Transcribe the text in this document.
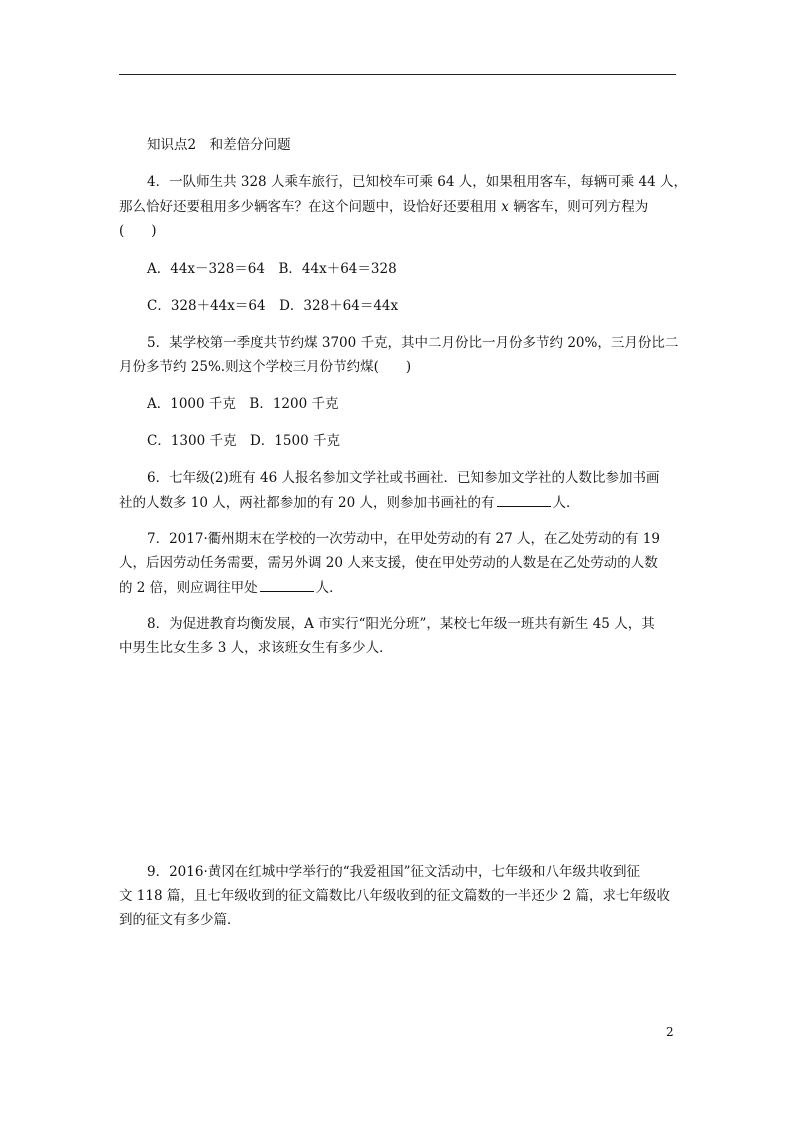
知识点2　和差倍分问题
4．一队师生共 328 人乘车旅行，已知校车可乘 64 人，如果租用客车，每辆可乘 44 人，
那么恰好还要租用多少辆客车？在这个问题中，设恰好还要租用 x 辆客车，则可列方程为
(　　)
A．44x－328＝64　 B．44x＋64＝328
C．328＋44x＝64　 D．328＋64＝44x
5．某学校第一季度共节约煤 3700 千克，其中二月份比一月份多节约 20%，三月份比二
月份多节约 25%.则这个学校三月份节约煤(　　)
A．1000 千克　 B．1200 千克
C．1300 千克　 D．1500 千克
6．七年级(2)班有 46 人报名参加文学社或书画社．已知参加文学社的人数比参加书画
社的人数多 10 人，两社都参加的有 20 人，则参加书画社的有	人．
7．2017·衢州期末在学校的一次劳动中，在甲处劳动的有 27 人，在乙处劳动的有 19
人，后因劳动任务需要，需另外调 20 人来支援，使在甲处劳动的人数是在乙处劳动的人数
的 2 倍，则应调往甲处	人．
8．为促进教育均衡发展，A 市实行“阳光分班”，某校七年级一班共有新生 45 人，其
中男生比女生多 3 人，求该班女生有多少人．
9．2016·黄冈在红城中学举行的“我爱祖国”征文活动中，七年级和八年级共收到征
文 118 篇，且七年级收到的征文篇数比八年级收到的征文篇数的一半还少 2 篇，求七年级收
到的征文有多少篇．
2
